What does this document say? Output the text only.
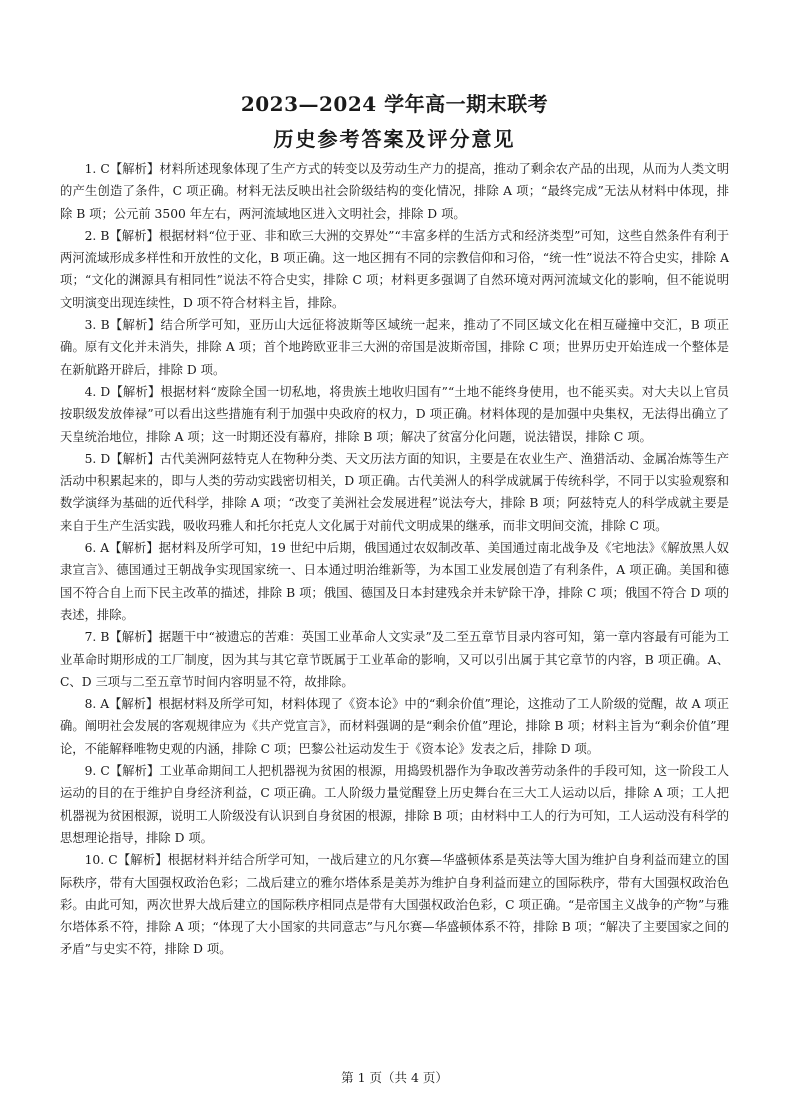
2023—2024 学年高一期末联考
历史参考答案及评分意见

1. C【解析】材料所述现象体现了生产方式的转变以及劳动生产力的提高，推动了剩余农产品的出现，从而为人类文明的产生创造了条件，C 项正确。材料无法反映出社会阶级结构的变化情况，排除 A 项；“最终完成”无法从材料中体现，排除 B 项；公元前 3500 年左右，两河流域地区进入文明社会，排除 D 项。

2. B【解析】根据材料“位于亚、非和欧三大洲的交界处”“丰富多样的生活方式和经济类型”可知，这些自然条件有利于两河流域形成多样性和开放性的文化，B 项正确。这一地区拥有不同的宗教信仰和习俗，“统一性”说法不符合史实，排除 A 项；“文化的渊源具有相同性”说法不符合史实，排除 C 项；材料更多强调了自然环境对两河流域文化的影响，但不能说明文明演变出现连续性，D 项不符合材料主旨，排除。

3. B【解析】结合所学可知，亚历山大远征将波斯等区域统一起来，推动了不同区域文化在相互碰撞中交汇，B 项正确。原有文化并未消失，排除 A 项；首个地跨欧亚非三大洲的帝国是波斯帝国，排除 C 项；世界历史开始连成一个整体是在新航路开辟后，排除 D 项。

4. D【解析】根据材料“废除全国一切私地，将贵族土地收归国有”“土地不能终身使用，也不能买卖。对大夫以上官员按职级发放俸禄”可以看出这些措施有利于加强中央政府的权力，D 项正确。材料体现的是加强中央集权，无法得出确立了天皇统治地位，排除 A 项；这一时期还没有幕府，排除 B 项；解决了贫富分化问题，说法错误，排除 C 项。

5. D【解析】古代美洲阿兹特克人在物种分类、天文历法方面的知识，主要是在农业生产、渔猎活动、金属冶炼等生产活动中积累起来的，即与人类的劳动实践密切相关，D 项正确。古代美洲人的科学成就属于传统科学，不同于以实验观察和数学演绎为基础的近代科学，排除 A 项；“改变了美洲社会发展进程”说法夸大，排除 B 项；阿兹特克人的科学成就主要是来自于生产生活实践，吸收玛雅人和托尔托克人文化属于对前代文明成果的继承，而非文明间交流，排除 C 项。

6. A【解析】据材料及所学可知，19 世纪中后期，俄国通过农奴制改革、美国通过南北战争及《宅地法》《解放黑人奴隶宣言》、德国通过王朝战争实现国家统一、日本通过明治维新等，为本国工业发展创造了有利条件，A 项正确。美国和德国不符合自上而下民主改革的描述，排除 B 项；俄国、德国及日本封建残余并未铲除干净，排除 C 项；俄国不符合 D 项的表述，排除。

7. B【解析】据题干中“被遗忘的苦难：英国工业革命人文实录”及二至五章节目录内容可知，第一章内容最有可能为工业革命时期形成的工厂制度，因为其与其它章节既属于工业革命的影响，又可以引出属于其它章节的内容，B 项正确。A、C、D 三项与二至五章节时间内容明显不符，故排除。

8. A【解析】根据材料及所学可知，材料体现了《资本论》中的“剩余价值”理论，这推动了工人阶级的觉醒，故 A 项正确。阐明社会发展的客观规律应为《共产党宣言》，而材料强调的是“剩余价值”理论，排除 B 项；材料主旨为“剩余价值”理论，不能解释唯物史观的内涵，排除 C 项；巴黎公社运动发生于《资本论》发表之后，排除 D 项。

9. C【解析】工业革命期间工人把机器视为贫困的根源，用捣毁机器作为争取改善劳动条件的手段可知，这一阶段工人运动的目的在于维护自身经济利益，C 项正确。工人阶级力量觉醒登上历史舞台在三大工人运动以后，排除 A 项；工人把机器视为贫困根源，说明工人阶级没有认识到自身贫困的根源，排除 B 项；由材料中工人的行为可知，工人运动没有科学的思想理论指导，排除 D 项。

10. C【解析】根据材料并结合所学可知，一战后建立的凡尔赛—华盛顿体系是英法等大国为维护自身利益而建立的国际秩序，带有大国强权政治色彩；二战后建立的雅尔塔体系是美苏为维护自身利益而建立的国际秩序，带有大国强权政治色彩。由此可知，两次世界大战后建立的国际秩序相同点是带有大国强权政治色彩，C 项正确。“是帝国主义战争的产物”与雅尔塔体系不符，排除 A 项；“体现了大小国家的共同意志”与凡尔赛—华盛顿体系不符，排除 B 项；“解决了主要国家之间的矛盾”与史实不符，排除 D 项。

第 1 页（共 4 页）
